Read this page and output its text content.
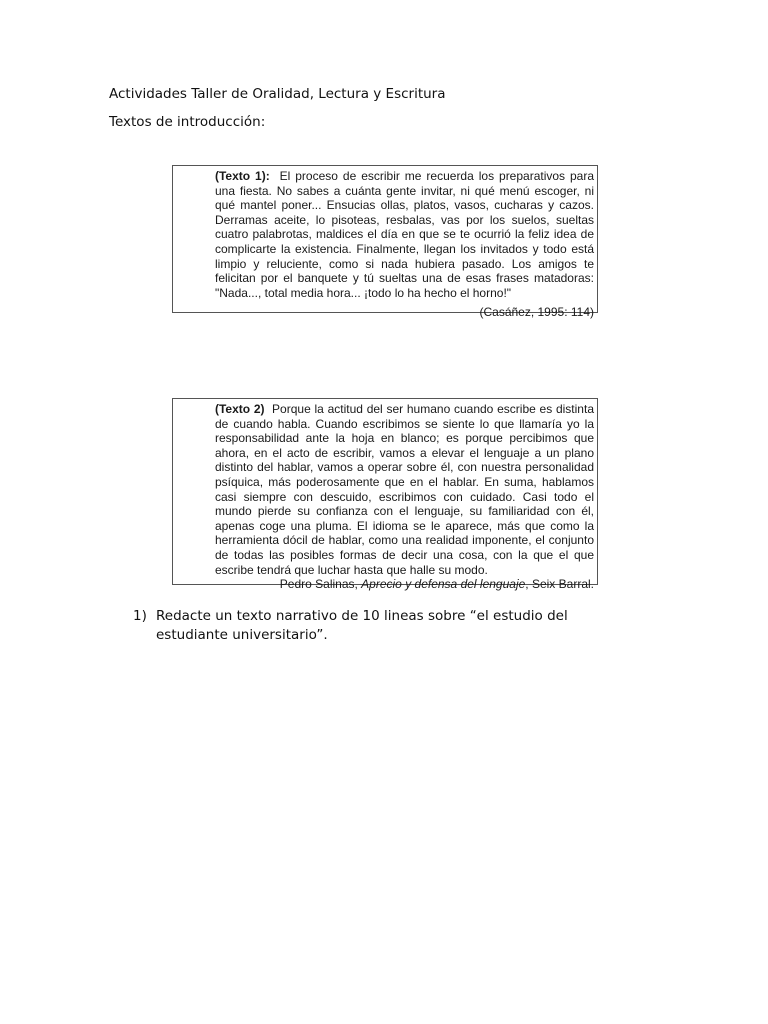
Actividades Taller de Oralidad, Lectura y Escritura
Textos de introducción:
(Texto 1): El proceso de escribir me recuerda los preparativos para una fiesta. No sabes a cuánta gente invitar, ni qué menú escoger, ni qué mantel poner... Ensucias ollas, platos, vasos, cucharas y cazos. Derramas aceite, lo pisoteas, resbalas, vas por los suelos, sueltas cuatro palabrotas, maldices el día en que se te ocurrió la feliz idea de complicarte la existencia. Finalmente, llegan los invitados y todo está limpio y reluciente, como si nada hubiera pasado. Los amigos te felicitan por el banquete y tú sueltas una de esas frases matadoras: "Nada..., total media hora... ¡todo lo ha hecho el horno!"
(Casáñez, 1995: 114)
(Texto 2) Porque la actitud del ser humano cuando escribe es distinta de cuando habla. Cuando escribimos se siente lo que llamaría yo la responsabilidad ante la hoja en blanco; es porque percibimos que ahora, en el acto de escribir, vamos a elevar el lenguaje a un plano distinto del hablar, vamos a operar sobre él, con nuestra personalidad psíquica, más poderosamente que en el hablar. En suma, hablamos casi siempre con descuido, escribimos con cuidado. Casi todo el mundo pierde su confianza con el lenguaje, su familiaridad con él, apenas coge una pluma. El idioma se le aparece, más que como la herramienta dócil de hablar, como una realidad imponente, el conjunto de todas las posibles formas de decir una cosa, con la que el que escribe tendrá que luchar hasta que halle su modo.
Pedro Salinas, Aprecio y defensa del lenguaje, Seix Barral.
1) Redacte un texto narrativo de 10 lineas sobre “el estudio del estudiante universitario”.
